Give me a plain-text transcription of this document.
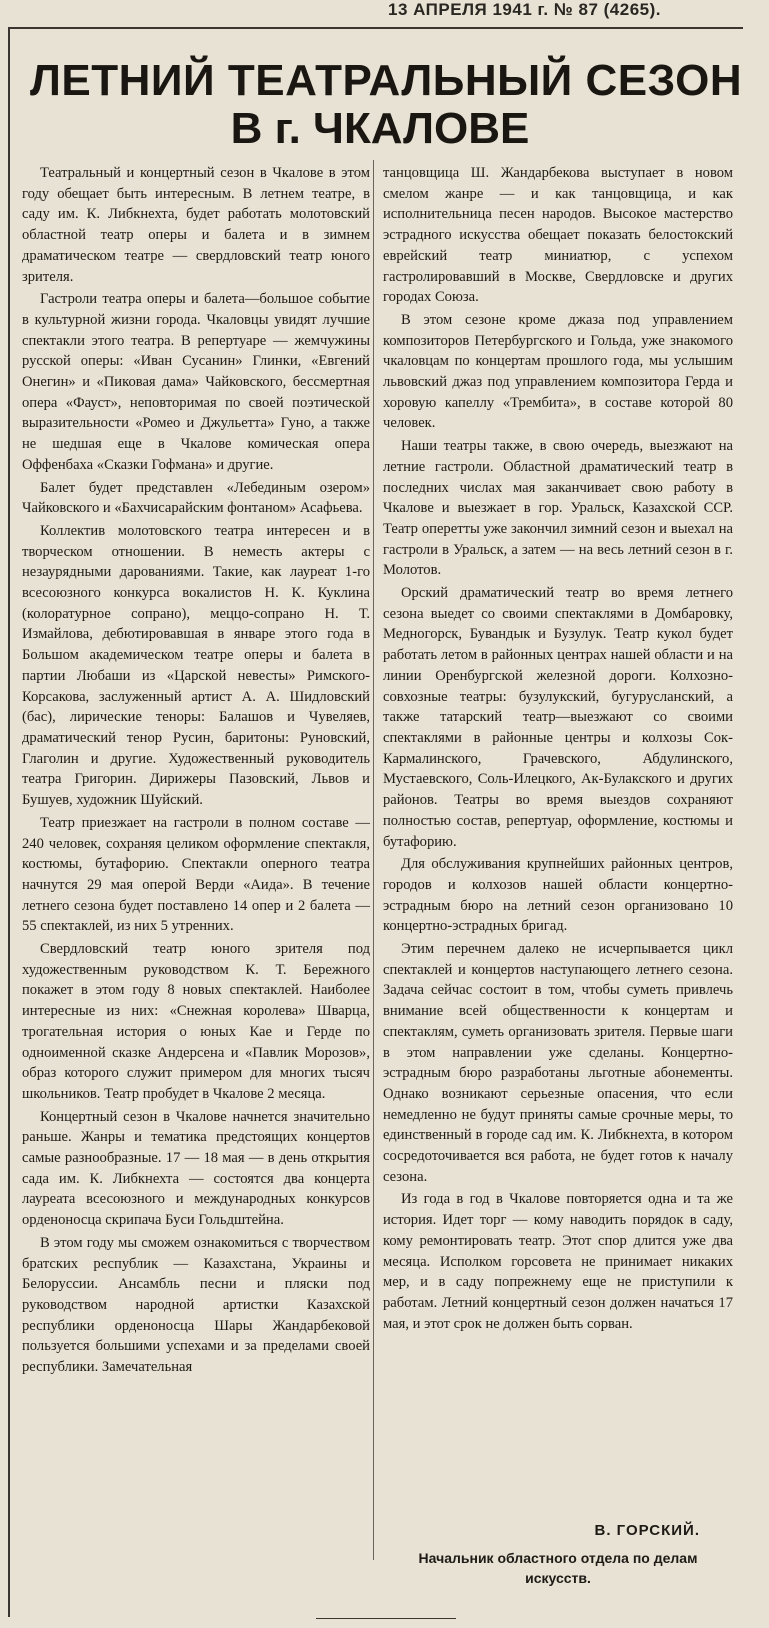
13 АПРЕЛЯ 1941 г. № 87 (4265).
ЛЕТНИЙ ТЕАТРАЛЬНЫЙ СЕЗОН
В г. ЧКАЛОВЕ

Театральный и концертный сезон в Чкалове в этом году обещает быть интересным. В летнем театре, в саду им. К. Либкнехта, будет работать молотовский областной театр оперы и балета и в зимнем драматическом театре — свердловский театр юного зрителя.

Гастроли театра оперы и балета—большое событие в культурной жизни города. Чкаловцы увидят лучшие спектакли этого театра. В репертуаре — жемчужины русской оперы: «Иван Сусанин» Глинки, «Евгений Онегин» и «Пиковая дама» Чайковского, бессмертная опера «Фауст», неповторимая по своей поэтической выразительности «Ромео и Джульетта» Гуно, а также не шедшая еще в Чкалове комическая опера Оффенбаха «Сказки Гофмана» и другие.

Балет будет представлен «Лебединым озером» Чайковского и «Бахчисарайским фонтаном» Асафьева.

Коллектив молотовского театра интересен и в творческом отношении. В неместь актеры с незаурядными дарованиями. Такие, как лауреат 1-го всесоюзного конкурса вокалистов Н. К. Куклина (колоратурное сопрано), меццо-сопрано Н. Т. Измайлова, дебютировавшая в январе этого года в Большом академическом театре оперы и балета в партии Любаши из «Царской невесты» Римского-Корсакова, заслуженный артист А. А. Шидловский (бас), лирические теноры: Балашов и Чувеляев, драматический тенор Русин, баритоны: Руновский, Глаголин и другие. Художественный руководитель театра Григорин. Дирижеры Пазовский, Львов и Бушуев, художник Шуйский.

Театр приезжает на гастроли в полном составе — 240 человек, сохраняя целиком оформление спектакля, костюмы, бутафорию. Спектакли оперного театра начнутся 29 мая оперой Верди «Аида». В течение летнего сезона будет поставлено 14 опер и 2 балета — 55 спектаклей, из них 5 утренних.

Свердловский театр юного зрителя под художественным руководством К. Т. Бережного покажет в этом году 8 новых спектаклей. Наиболее интересные из них: «Снежная королева» Шварца, трогательная история о юных Кае и Герде по одноименной сказке Андерсена и «Павлик Морозов», образ которого служит примером для многих тысяч школьников. Театр пробудет в Чкалове 2 месяца.

Концертный сезон в Чкалове начнется значительно раньше. Жанры и тематика предстоящих концертов самые разнообразные. 17 — 18 мая — в день открытия сада им. К. Либкнехта — состоятся два концерта лауреата всесоюзного и международных конкурсов орденоносца скрипача Буси Гольдштейна.

В этом году мы сможем ознакомиться с творчеством братских республик — Казахстана, Украины и Белоруссии. Ансамбль песни и пляски под руководством народной артистки Казахской республики орденоносца Шары Жандарбековой пользуется большими успехами и за пределами своей республики. Замечательная

танцовщица Ш. Жандарбекова выступает в новом смелом жанре — и как танцовщица, и как исполнительница песен народов. Высокое мастерство эстрадного искусства обещает показать белостокский еврейский театр миниатюр, с успехом гастролировавший в Москве, Свердловске и других городах Союза.

В этом сезоне кроме джаза под управлением композиторов Петербургского и Гольда, уже знакомого чкаловцам по концертам прошлого года, мы услышим львовский джаз под управлением композитора Герда и хоровую капеллу «Трембита», в составе которой 80 человек.

Наши театры также, в свою очередь, выезжают на летние гастроли. Областной драматический театр в последних числах мая заканчивает свою работу в Чкалове и выезжает в гор. Уральск, Казахской ССР. Театр оперетты уже закончил зимний сезон и выехал на гастроли в Уральск, а затем — на весь летний сезон в г. Молотов.

Орский драматический театр во время летнего сезона выедет со своими спектаклями в Домбаровку, Медногорск, Бувандык и Бузулук. Театр кукол будет работать летом в районных центрах нашей области и на линии Оренбургской железной дороги. Колхозно-совхозные театры: бузулукский, бугурусланский, а также татарский театр—выезжают со своими спектаклями в районные центры и колхозы Сок-Кармалинского, Грачевского, Абдулинского, Мустаевского, Соль-Илецкого, Ак-Булакского и других районов. Театры во время выездов сохраняют полностью состав, репертуар, оформление, костюмы и бутафорию.

Для обслуживания крупнейших районных центров, городов и колхозов нашей области концертно-эстрадным бюро на летний сезон организовано 10 концертно-эстрадных бригад.

Этим перечнем далеко не исчерпывается цикл спектаклей и концертов наступающего летнего сезона. Задача сейчас состоит в том, чтобы суметь привлечь внимание всей общественности к концертам и спектаклям, суметь организовать зрителя. Первые шаги в этом направлении уже сделаны. Концертно-эстрадным бюро разработаны льготные абонементы. Однако возникают серьезные опасения, что если немедленно не будут приняты самые срочные меры, то единственный в городе сад им. К. Либкнехта, в котором сосредоточивается вся работа, не будет готов к началу сезона.

Из года в год в Чкалове повторяется одна и та же история. Идет торг — кому наводить порядок в саду, кому ремонтировать театр. Этот спор длится уже два месяца. Исполком горсовета не принимает никаких мер, и в саду попрежнему еще не приступили к работам. Летний концертный сезон должен начаться 17 мая, и этот срок не должен быть сорван.

В. ГОРСКИЙ.
Начальник областного отдела по делам искусств.
